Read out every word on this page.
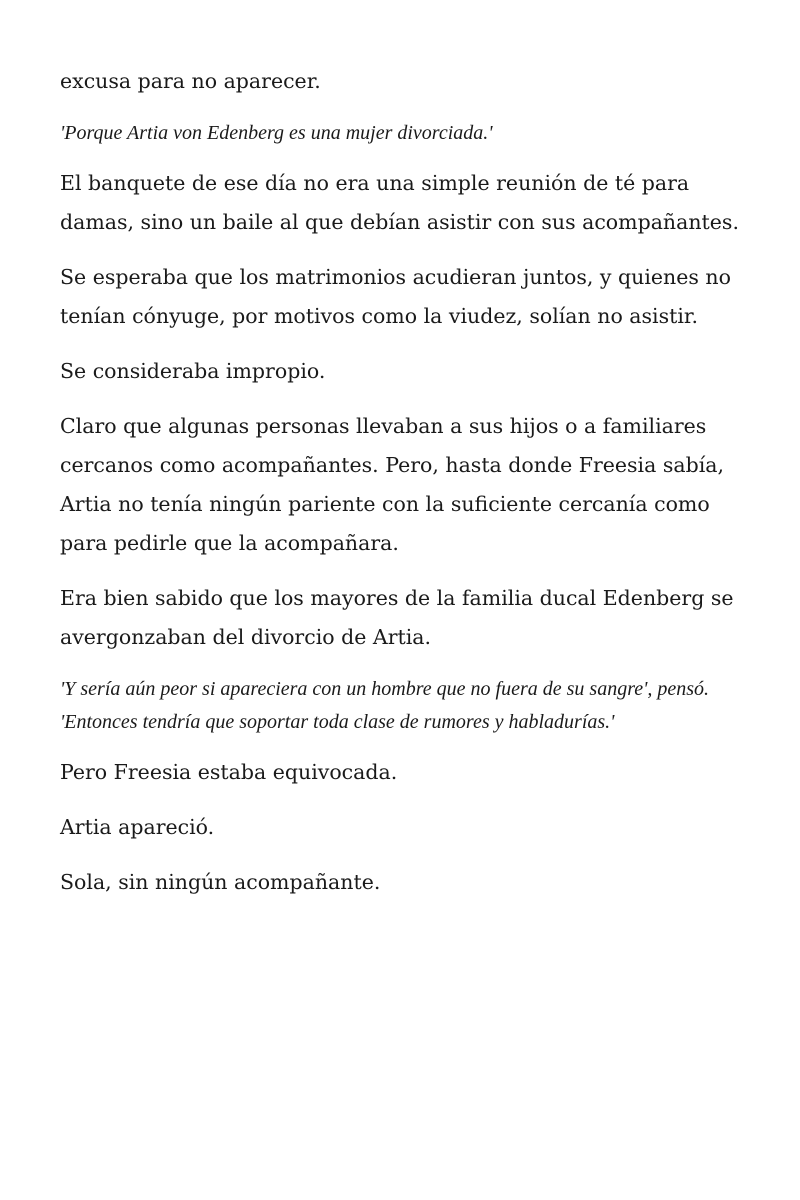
excusa para no aparecer.

'Porque Artia von Edenberg es una mujer divorciada.'

El banquete de ese día no era una simple reunión de té para damas, sino un baile al que debían asistir con sus acompañantes.

Se esperaba que los matrimonios acudieran juntos, y quienes no tenían cónyuge, por motivos como la viudez, solían no asistir.

Se consideraba impropio.

Claro que algunas personas llevaban a sus hijos o a familiares cercanos como acompañantes. Pero, hasta donde Freesia sabía, Artia no tenía ningún pariente con la suficiente cercanía como para pedirle que la acompañara.

Era bien sabido que los mayores de la familia ducal Edenberg se avergonzaban del divorcio de Artia.

'Y sería aún peor si apareciera con un hombre que no fuera de su sangre', pensó. 'Entonces tendría que soportar toda clase de rumores y habladurías.'

Pero Freesia estaba equivocada.

Artia apareció.

Sola, sin ningún acompañante.
